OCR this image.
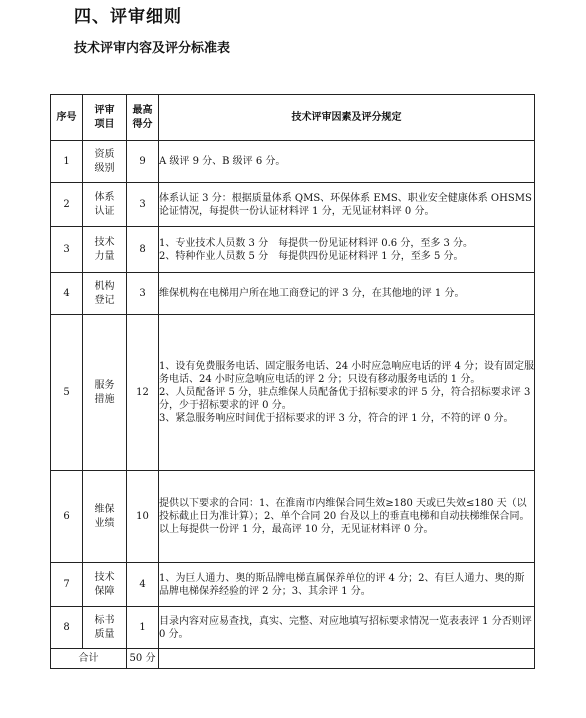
四、评审细则
技术评审内容及评分标准表
序号	评审项目	最高得分	技术评审因素及评分规定
1	资质级别	9	A 级评 9 分、B 级评 6 分。

2	体系认证	3	体系认证 3 分：根据质量体系 QMS、环保体系 EMS、职业安全健康体系 OHSMS 论证情况，每提供一份认证材料评 1 分，无见证材料评 0 分。

3	技术力量	8	1、专业技术人员数 3 分　每提供一份见证材料评 0.6 分，至多 3 分。
2、特种作业人员数 5 分　每提供四份见证材料评 1 分，至多 5 分。

4	机构登记	3	维保机构在电梯用户所在地工商登记的评 3 分，在其他地的评 1 分。

5	服务措施	12	1、设有免费服务电话、固定服务电话、24 小时应急响应电话的评 4 分；设有固定服务电话、24 小时应急响应电话的评 2 分；只设有移动服务电话的 1 分。
2、人员配备评 5 分，驻点维保人员配备优于招标要求的评 5 分，符合招标要求评 3 分，少于招标要求的评 0 分。
3、紧急服务响应时间优于招标要求的评 3 分，符合的评 1 分，不符的评 0 分。

6	维保业绩	10	提供以下要求的合同：1、在淮南市内维保合同生效≥180 天或已失效≤180 天（以投标截止日为准计算）；2、单个合同 20 台及以上的垂直电梯和自动扶梯维保合同。
以上每提供一份评 1 分，最高评 10 分，无见证材料评 0 分。

7	技术保障	4	1、为巨人通力、奥的斯品牌电梯直属保养单位的评 4 分；2、有巨人通力、奥的斯品牌电梯保养经验的评 2 分；3、其余评 1 分。

8	标书质量	1	目录内容对应易查找，真实、完整、对应地填写招标要求情况一览表表评 1 分否则评 0 分。

合计		50 分	
